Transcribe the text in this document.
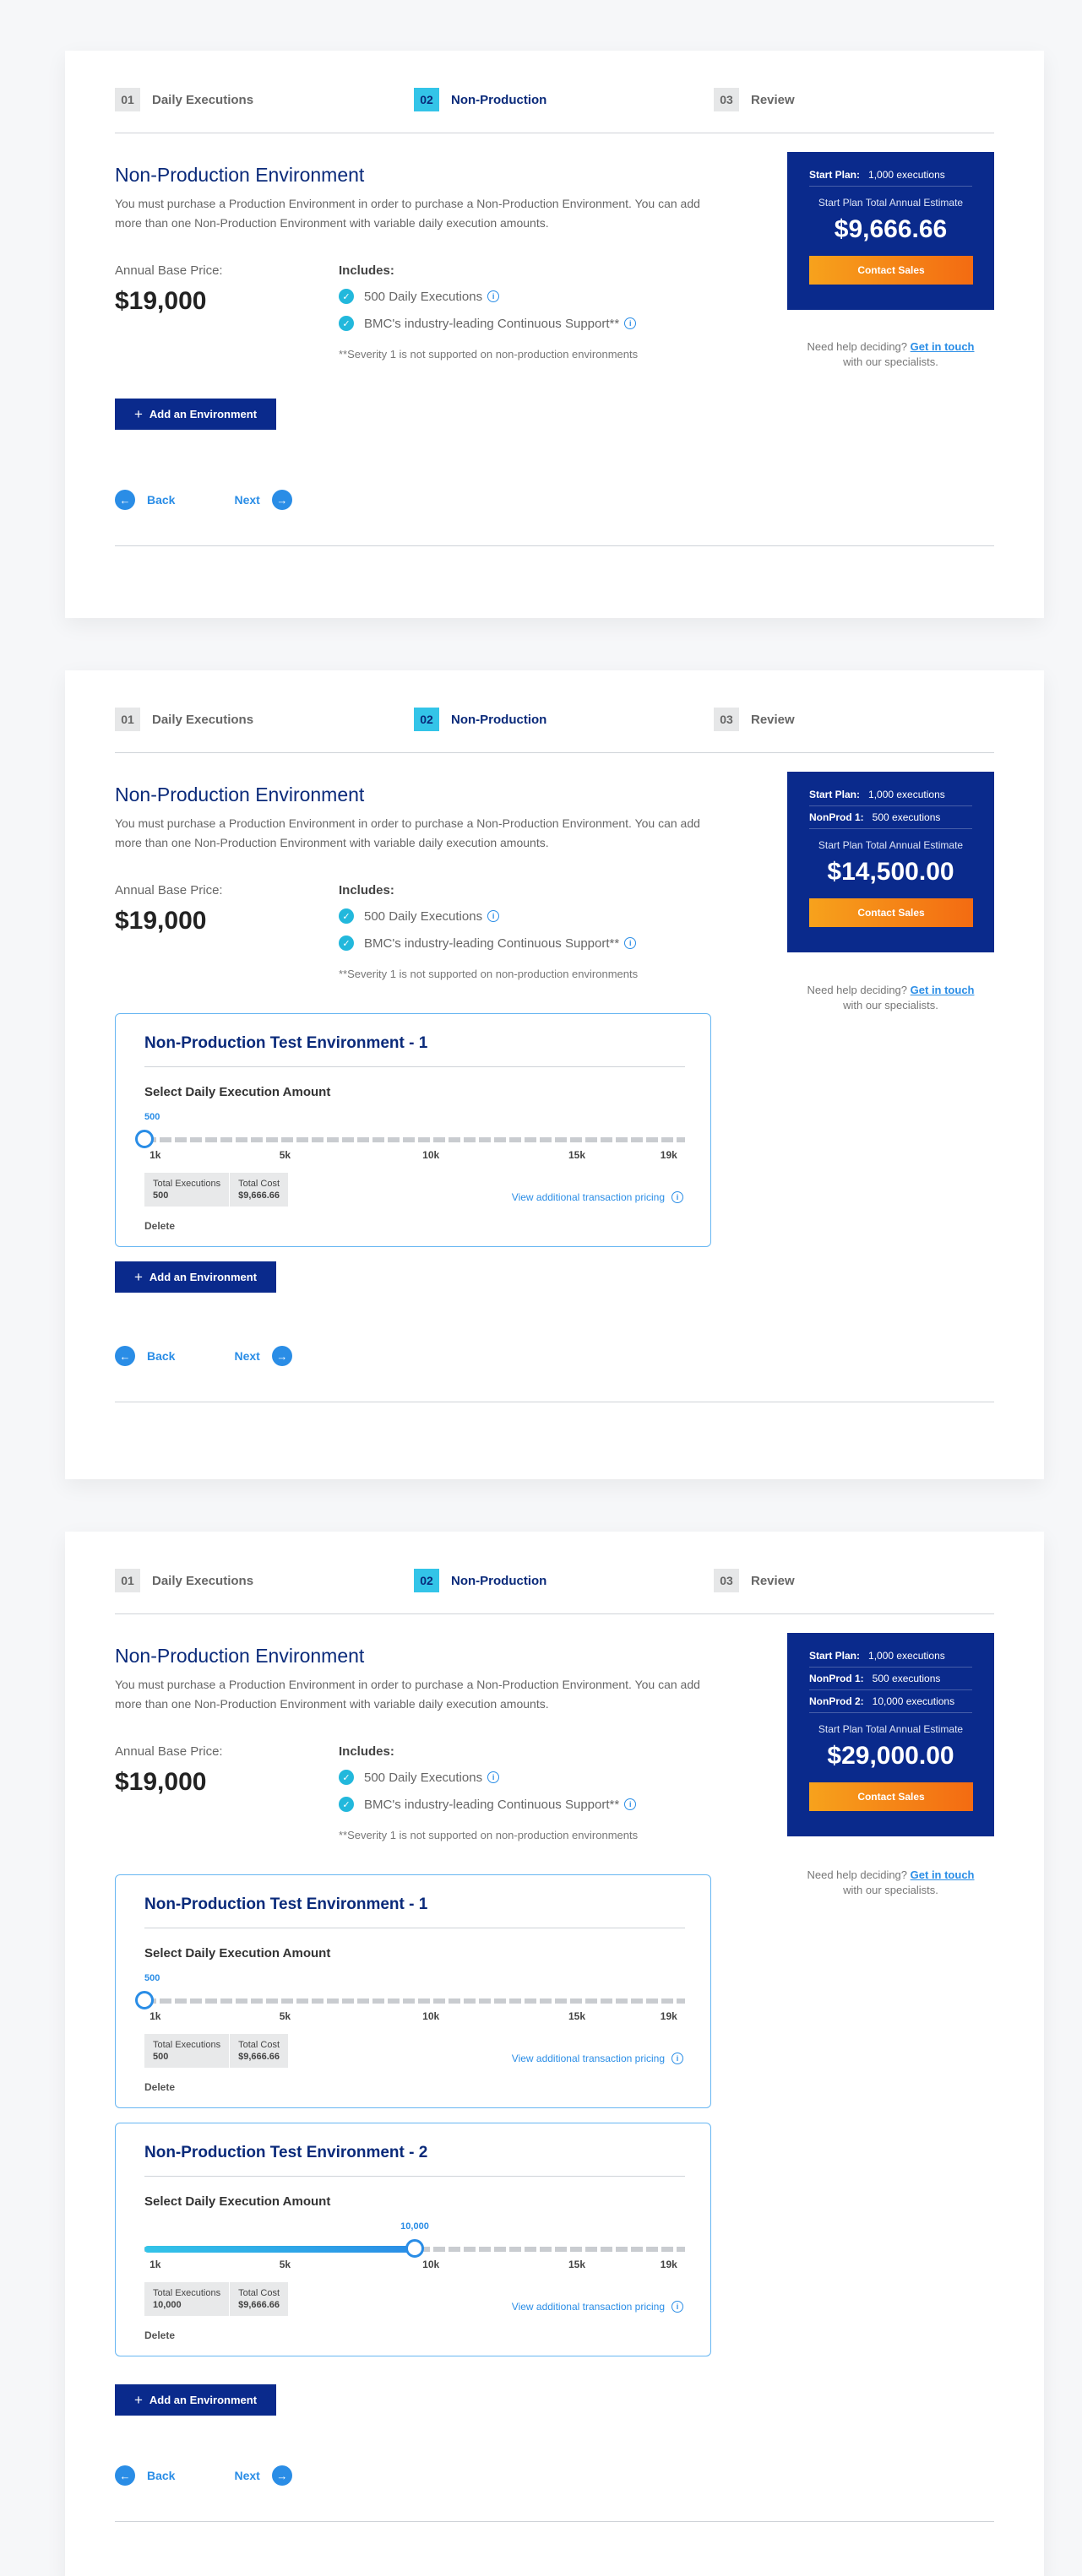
01	Daily Executions	02	Non-Production	03	Review
Non-Production Environment
You must purchase a Production Environment in order to purchase a Non-Production Environment. You can add more than one Non-Production Environment with variable daily execution amounts.
Annual Base Price:
$19,000
Includes:
✓ 500 Daily Executions	i
✓ BMC's industry-leading Continuous Support**	i
**Severity 1 is not supported on non-production environments
Start Plan: 1,000 executions
Start Plan Total Annual Estimate
$9,666.66
Contact Sales
Need help deciding? Get in touch
with our specialists.
+ Add an Environment
←	Back	Next	→
01	Daily Executions	02	Non-Production	03	Review
Non-Production Environment
You must purchase a Production Environment in order to purchase a Non-Production Environment. You can add more than one Non-Production Environment with variable daily execution amounts.
Annual Base Price:
$19,000
Includes:
✓ 500 Daily Executions	i
✓ BMC's industry-leading Continuous Support**	i
**Severity 1 is not supported on non-production environments
Start Plan: 1,000 executions
NonProd 1: 500 executions
Start Plan Total Annual Estimate
$14,500.00
Contact Sales
Need help deciding? Get in touch
with our specialists.
Non-Production Test Environment - 1
Select Daily Execution Amount
500
1k	5k	10k	15k	19k
Total Executions
500
Total Cost
$9,666.66	View additional transaction pricing	i
Delete
+ Add an Environment
←	Back	Next	→
01	Daily Executions	02	Non-Production	03	Review
Non-Production Environment
You must purchase a Production Environment in order to purchase a Non-Production Environment. You can add more than one Non-Production Environment with variable daily execution amounts.
Annual Base Price:
$19,000
Includes:
✓ 500 Daily Executions	i
✓ BMC's industry-leading Continuous Support**	i
**Severity 1 is not supported on non-production environments
Start Plan: 1,000 executions
NonProd 1: 500 executions
NonProd 2: 10,000 executions
Start Plan Total Annual Estimate
$29,000.00
Contact Sales
Need help deciding? Get in touch
with our specialists.
Non-Production Test Environment - 1
Select Daily Execution Amount
500
1k	5k	10k	15k	19k
Total Executions
500
Total Cost
$9,666.66	View additional transaction pricing	i
Delete
Non-Production Test Environment - 2
Select Daily Execution Amount
10,000
1k	5k	10k	15k	19k
Total Executions
10,000
Total Cost
$9,666.66	View additional transaction pricing	i
Delete
+ Add an Environment
←	Back	Next	→
